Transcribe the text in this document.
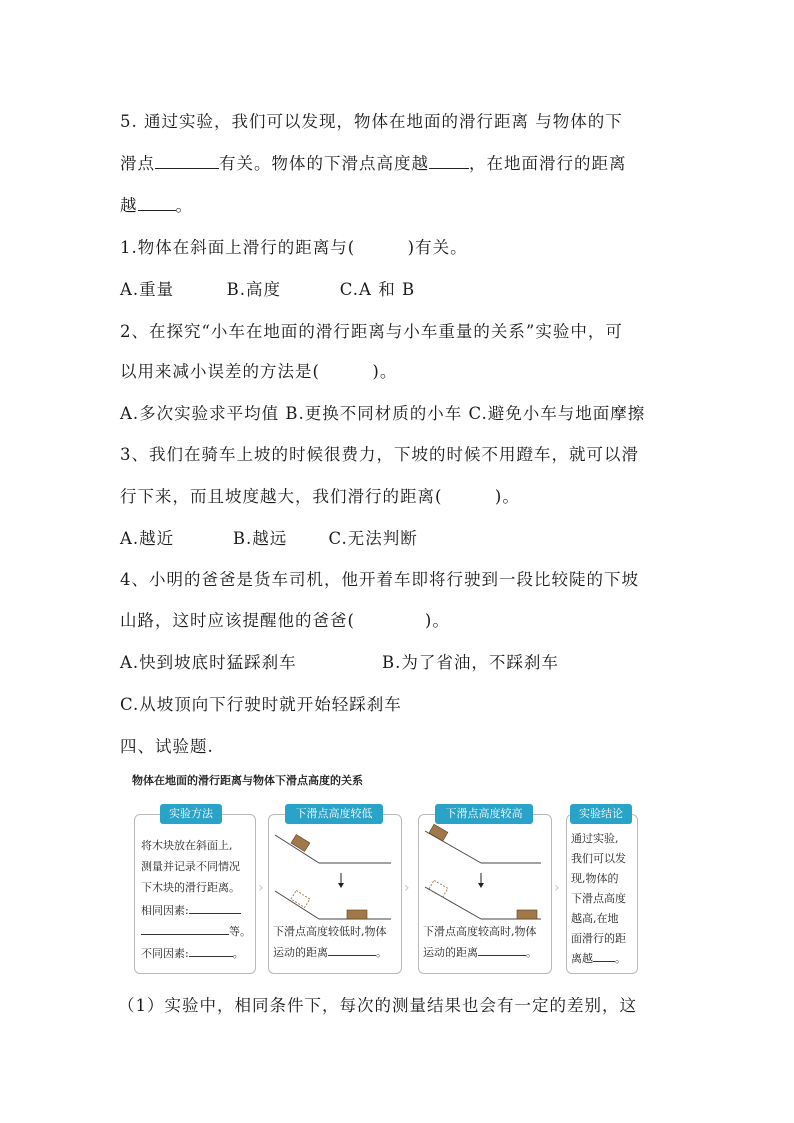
5. 通过实验，我们可以发现，物体在地面的滑行距离 与物体的下
滑点	有关。物体的下滑点高度越 ，在地面滑行的距离
越 。
1.物体在斜面上滑行的距离与(　　　)有关。
A.重量　　　B.高度　　　 C.A 和 B
2、在探究“小车在地面的滑行距离与小车重量的关系”实验中，可
以用来减小误差的方法是(　　　)。
A.多次实验求平均值 B.更换不同材质的小车 C.避免小车与地面摩擦
3、我们在骑车上坡的时候很费力，下坡的时候不用蹬车，就可以滑
行下来，而且坡度越大，我们滑行的距离(　　　)。
A.越近　　　 B.越远　　 C.无法判断
4、小明的爸爸是货车司机，他开着车即将行驶到一段比较陡的下坡
山路，这时应该提醒他的爸爸(　　　　)。
A.快到坡底时猛踩刹车	B.为了省油，不踩刹车
C.从坡顶向下行驶时就开始轻踩刹车
四、试验题.
物体在地面的滑行距离与物体下滑点高度的关系
将木块放在斜面上,
测量并记录不同情况
下木块的滑行距离。
相同因素:
等。
不同因素:	。
实验方法
›
下滑点高度较低时,物体
运动的距离	。
下滑点高度较低
›
下滑点高度较高时,物体
运动的距离	。
下滑点高度较高
›
通过实验,
我们可以发
现,物体的
下滑点高度
越高,在地
面滑行的距
离越 。
实验结论
（1）实验中，相同条件下，每次的测量结果也会有一定的差别，这
